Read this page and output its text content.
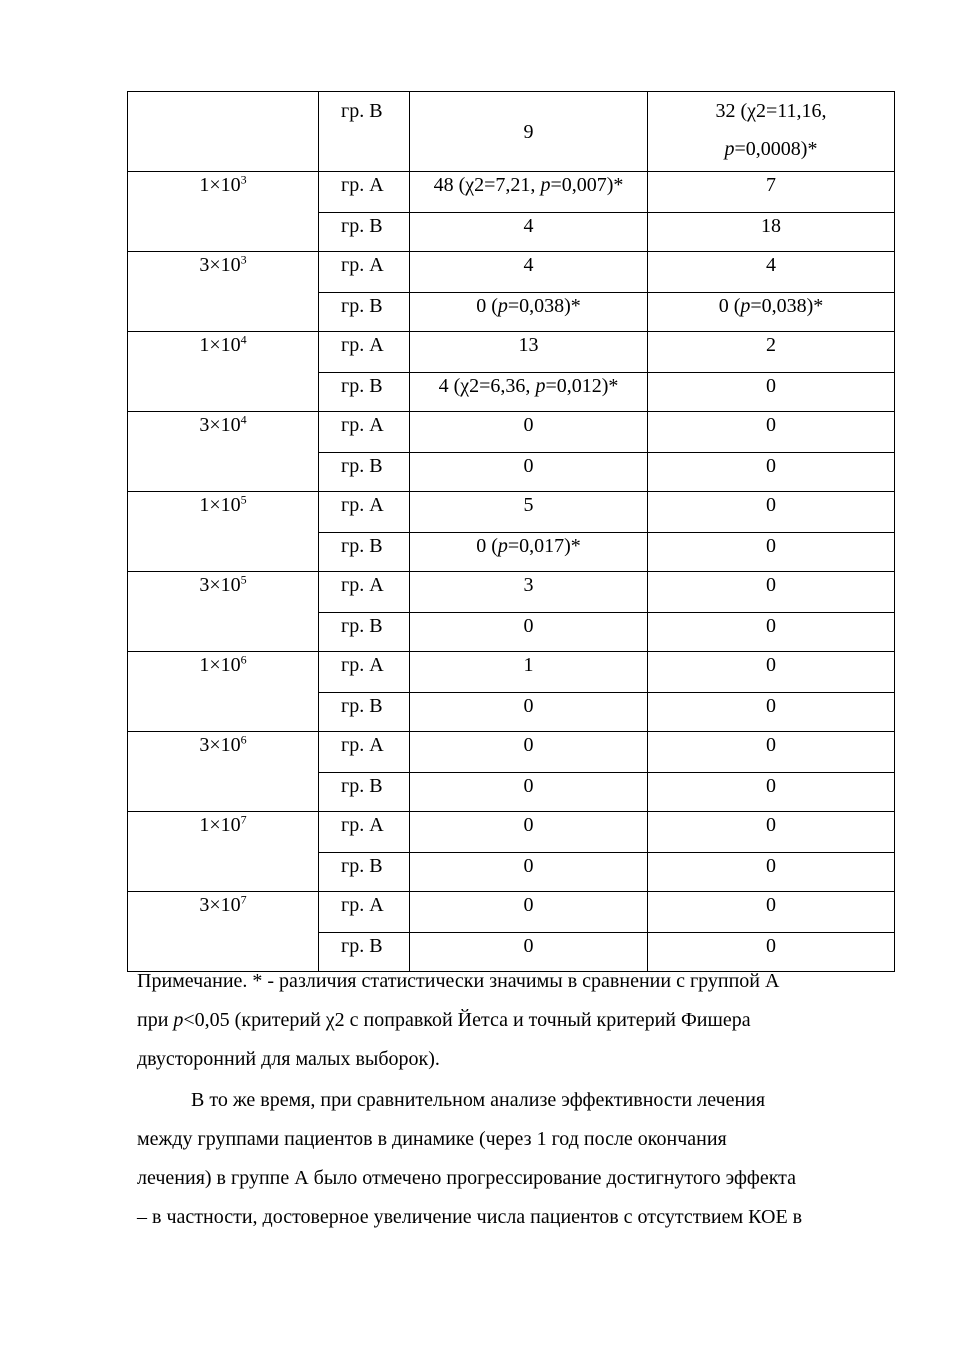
	гр. В	9	32 (χ2=11,16,
p=0,0008)*

$1\times 10^3$	гр. А	48 (χ2=7,21, p=0,007)*	7
	гр. В	4	18

$3\times 10^3$	гр. А	4	4
	гр. В	0 (p=0,038)*	0 (p=0,038)*

$1\times 10^4$	гр. А	13	2
	гр. В	4 (χ2=6,36, p=0,012)*	0

$3\times 10^4$	гр. А	0	0
	гр. В	0	0

$1\times 10^5$	гр. А	5	0
	гр. В	0 (p=0,017)*	0

$3\times 10^5$	гр. А	3	0
	гр. В	0	0

$1\times 10^6$	гр. А	1	0
	гр. В	0	0

$3\times 10^6$	гр. А	0	0
	гр. В	0	0

$1\times 10^7$	гр. А	0	0
	гр. В	0	0

$3\times 10^7$	гр. А	0	0
	гр. В	0	0
Примечание. * - различия статистически значимы в сравнении с группой А
при p<0,05 (критерий χ2 с поправкой Йетса и точный критерий Фишера
двусторонний для малых выборок).
В то же время, при сравнительном анализе эффективности лечения
между группами пациентов в динамике (через 1 год после окончания
лечения) в группе А было отмечено прогрессирование достигнутого эффекта
– в частности, достоверное увеличение числа пациентов с отсутствием КОЕ в
